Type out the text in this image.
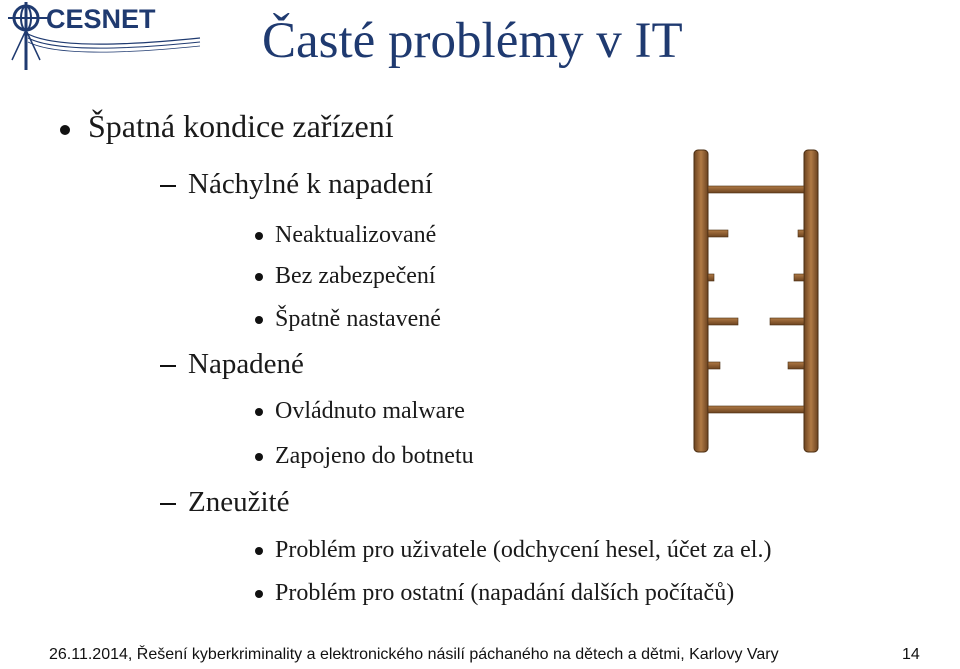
CESNET Časté problémy v IT
Špatná kondice zařízení
Náchylné k napadení
Neaktualizované
Bez zabezpečení
Špatně nastavené
Napadené
Ovládnuto malware
Zapojeno do botnetu
Zneužité
Problém pro uživatele (odchycení hesel, účet za el.)
Problém pro ostatní (napadání dalších počítačů)
26.11.2014, Řešení kyberkriminality a elektronického násilí páchaného na dětech a dětmi, Karlovy Vary	14
